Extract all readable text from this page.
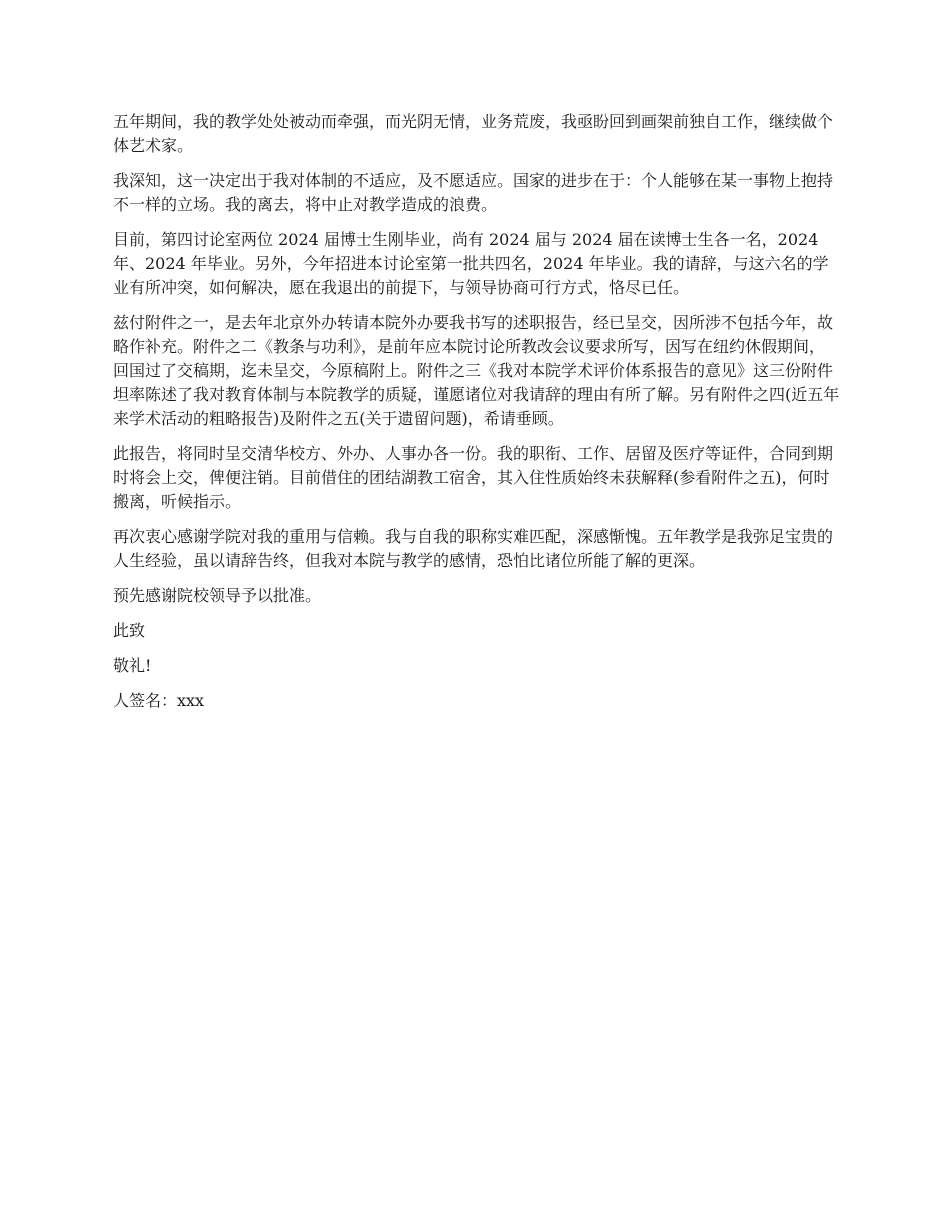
五年期间，我的教学处处被动而牵强，而光阴无情，业务荒废，我亟盼回到画架前独自工作，继续做个体艺术家。

我深知，这一决定出于我对体制的不适应，及不愿适应。国家的进步在于：个人能够在某一事物上抱持不一样的立场。我的离去，将中止对教学造成的浪费。

目前，第四讨论室两位 2024 届博士生刚毕业，尚有 2024 届与 2024 届在读博士生各一名，2024 年、2024 年毕业。另外，今年招进本讨论室第一批共四名，2024 年毕业。我的请辞，与这六名的学业有所冲突，如何解决，愿在我退出的前提下，与领导协商可行方式，恪尽已任。

兹付附件之一，是去年北京外办转请本院外办要我书写的述职报告，经已呈交，因所涉不包括今年，故略作补充。附件之二《教条与功利》，是前年应本院讨论所教改会议要求所写，因写在纽约休假期间，回国过了交稿期，迄未呈交，今原稿附上。附件之三《我对本院学术评价体系报告的意见》这三份附件坦率陈述了我对教育体制与本院教学的质疑，谨愿诸位对我请辞的理由有所了解。另有附件之四(近五年来学术活动的粗略报告)及附件之五(关于遗留问题)，希请垂顾。

此报告，将同时呈交清华校方、外办、人事办各一份。我的职衔、工作、居留及医疗等证件，合同到期时将会上交，俾便注销。目前借住的团结湖教工宿舍，其入住性质始终未获解释(参看附件之五)，何时搬离，听候指示。

再次衷心感谢学院对我的重用与信赖。我与自我的职称实难匹配，深感惭愧。五年教学是我弥足宝贵的人生经验，虽以请辞告终，但我对本院与教学的感情，恐怕比诸位所能了解的更深。

预先感谢院校领导予以批准。

此致

敬礼!

人签名：xxx
